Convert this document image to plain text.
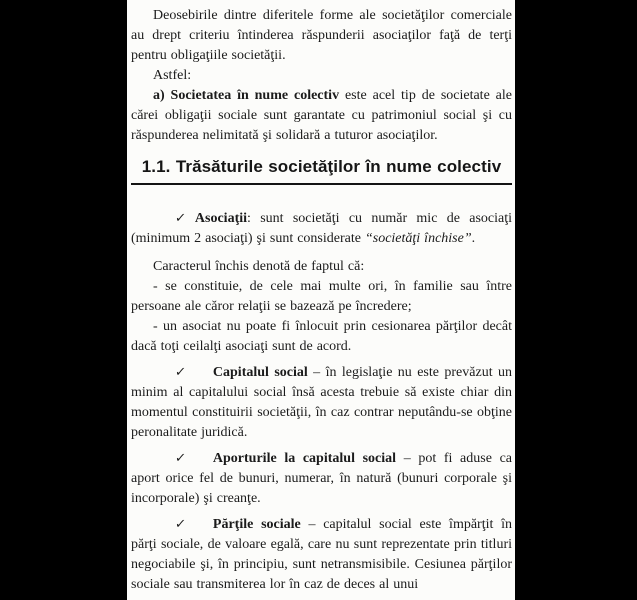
Deosebirile dintre diferitele forme ale societăţilor comerciale au drept criteriu întinderea răspunderii asociaţilor faţă de terţi pentru obligaţiile societăţii.

Astfel:

a) Societatea în nume colectiv este acel tip de societate ale cărei obligaţii sociale sunt garantate cu patrimoniul social şi cu răspunderea nelimitată şi solidară a tuturor asociaţilor.

1.1. Trăsăturile societăţilor în nume colectiv

✓ Asociaţii: sunt societăţi cu număr mic de asociaţi (minimum 2 asociaţi) şi sunt considerate “societăţi închise”.

Caracterul închis denotă de faptul că:

- se constituie, de cele mai multe ori, în familie sau între persoane ale căror relaţii se bazează pe încredere;

- un asociat nu poate fi înlocuit prin cesionarea părţilor decât dacă toţi ceilalţi asociaţi sunt de acord.

✓ Capitalul social – în legislaţie nu este prevăzut un minim al capitalului social însă acesta trebuie să existe chiar din momentul constituirii societăţii, în caz contrar neputându-se obţine peronalitate juridică.

✓ Aporturile la capitalul social – pot fi aduse ca aport orice fel de bunuri, numerar, în natură (bunuri corporale şi incorporale) şi creanţe.

✓ Părţile sociale – capitalul social este împărţit în părţi sociale, de valoare egală, care nu sunt reprezentate prin titluri negociabile şi, în principiu, sunt netransmisibile. Cesiunea părţilor sociale sau transmiterea lor în caz de deces al unui
